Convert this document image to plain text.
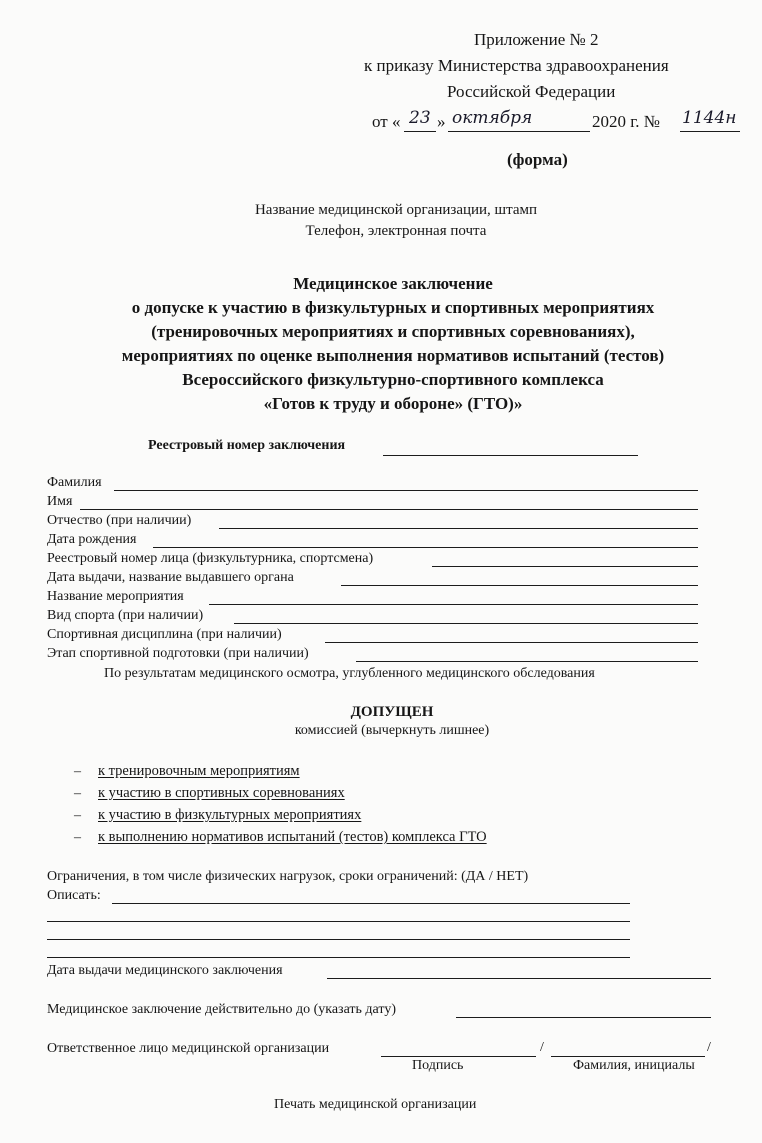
Приложение № 2
к приказу Министерства здравоохранения
Российской Федерации
от « 23 » октября	2020 г. № 1144н
(форма)
Название медицинской организации, штамп
Телефон, электронная почта
Медицинское заключение
о допуске к участию в физкультурных и спортивных мероприятиях
(тренировочных мероприятиях и спортивных соревнованиях),
мероприятиях по оценке выполнения нормативов испытаний (тестов)
Всероссийского физкультурно-спортивного комплекса
«Готов к труду и обороне» (ГТО)»
Реестровый номер заключения
Фамилия
Имя
Отчество (при наличии)
Дата рождения
Реестровый номер лица (физкультурника, спортсмена)
Дата выдачи, название выдавшего органа
Название мероприятия
Вид спорта (при наличии)
Спортивная дисциплина (при наличии)
Этап спортивной подготовки (при наличии)
По результатам медицинского осмотра, углубленного медицинского обследования
ДОПУЩЕН
комиссией (вычеркнуть лишнее)
– к тренировочным мероприятиям
– к участию в спортивных соревнованиях
– к участию в физкультурных мероприятиях
– к выполнению нормативов испытаний (тестов) комплекса ГТО
Ограничения, в том числе физических нагрузок, сроки ограничений: (ДА / НЕТ)
Описать:
Дата выдачи медицинского заключения
Медицинское заключение действительно до (указать дату)
Ответственное лицо медицинской организации	/	/
Подпись	Фамилия, инициалы
Печать медицинской организации
